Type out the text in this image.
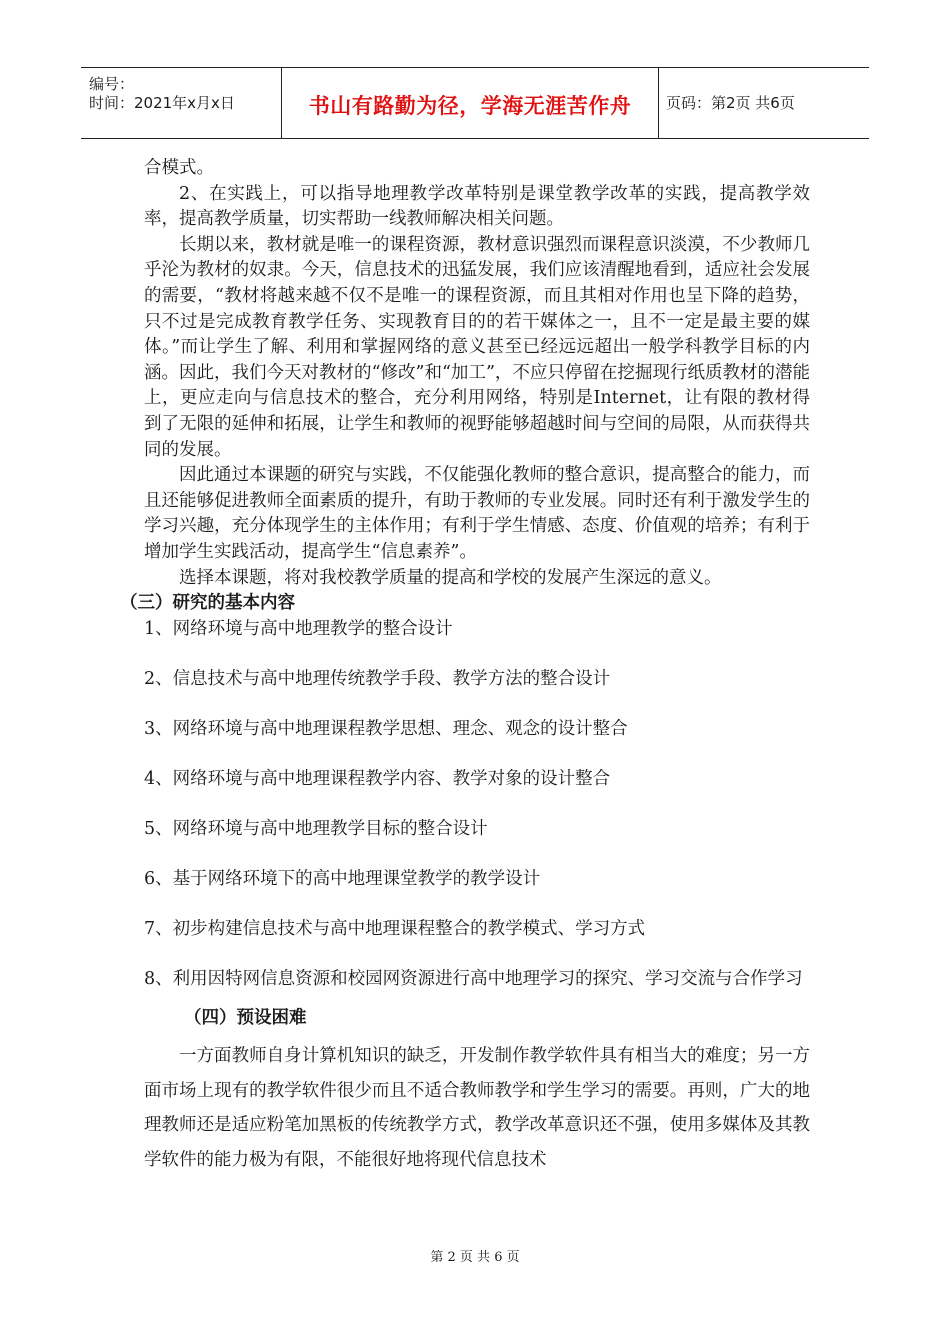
编号：
时间：2021年x月x日	书山有路勤为径，学海无涯苦作舟	页码：第2页 共6页

合模式。

2、在实践上，可以指导地理教学改革特别是课堂教学改革的实践，提高教学效率，提高教学质量，切实帮助一线教师解决相关问题。

长期以来，教材就是唯一的课程资源，教材意识强烈而课程意识淡漠，不少教师几乎沦为教材的奴隶。今天，信息技术的迅猛发展，我们应该清醒地看到，适应社会发展的需要，“教材将越来越不仅不是唯一的课程资源，而且其相对作用也呈下降的趋势，只不过是完成教育教学任务、实现教育目的的若干媒体之一，且不一定是最主要的媒体。”而让学生了解、利用和掌握网络的意义甚至已经远远超出一般学科教学目标的内涵。因此，我们今天对教材的“修改”和“加工”，不应只停留在挖掘现行纸质教材的潜能上，更应走向与信息技术的整合，充分利用网络，特别是Internet，让有限的教材得到了无限的延伸和拓展，让学生和教师的视野能够超越时间与空间的局限，从而获得共同的发展。

因此通过本课题的研究与实践，不仅能强化教师的整合意识，提高整合的能力，而且还能够促进教师全面素质的提升，有助于教师的专业发展。同时还有利于激发学生的学习兴趣，充分体现学生的主体作用；有利于学生情感、态度、价值观的培养；有利于增加学生实践活动，提高学生“信息素养”。

选择本课题，将对我校教学质量的提高和学校的发展产生深远的意义。

（三）研究的基本内容

1、网络环境与高中地理教学的整合设计

2、信息技术与高中地理传统教学手段、教学方法的整合设计

3、网络环境与高中地理课程教学思想、理念、观念的设计整合

4、网络环境与高中地理课程教学内容、教学对象的设计整合

5、网络环境与高中地理教学目标的整合设计

6、基于网络环境下的高中地理课堂教学的教学设计

7、初步构建信息技术与高中地理课程整合的教学模式、学习方式

8、利用因特网信息资源和校园网资源进行高中地理学习的探究、学习交流与合作学习

（四）预设困难

一方面教师自身计算机知识的缺乏，开发制作教学软件具有相当大的难度；另一方面市场上现有的教学软件很少而且不适合教师教学和学生学习的需要。再则，广大的地理教师还是适应粉笔加黑板的传统教学方式，教学改革意识还不强，使用多媒体及其教学软件的能力极为有限，不能很好地将现代信息技术

第 2 页 共 6 页
